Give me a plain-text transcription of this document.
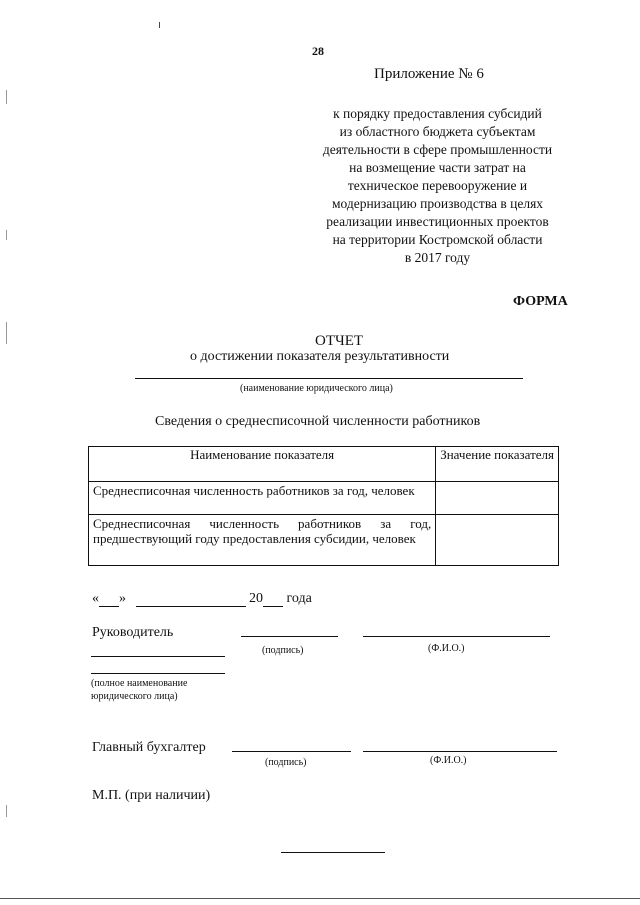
28
Приложение № 6
к порядку предоставления субсидий
из областного бюджета субъектам
деятельности в сфере промышленности
на возмещение части затрат на
техническое перевооружение и
модернизацию производства в целях
реализации инвестиционных проектов
на территории Костромской области
в 2017 году
ФОРМА
ОТЧЕТ
о достижении показателя результативности
(наименование юридического лица)
Сведения о среднесписочной численности работников
Наименование показателя	Значение показателя
Среднесписочная численность работников за год, человек	
Среднесписочная численность работников за год, предшествующий году предоставления субсидии, человек	
« »	20 года
Руководитель
(подпись)	(Ф.И.О.)
(полное наименование
юридического лица)
Главный бухгалтер
(подпись)	(Ф.И.О.)
М.П. (при наличии)
